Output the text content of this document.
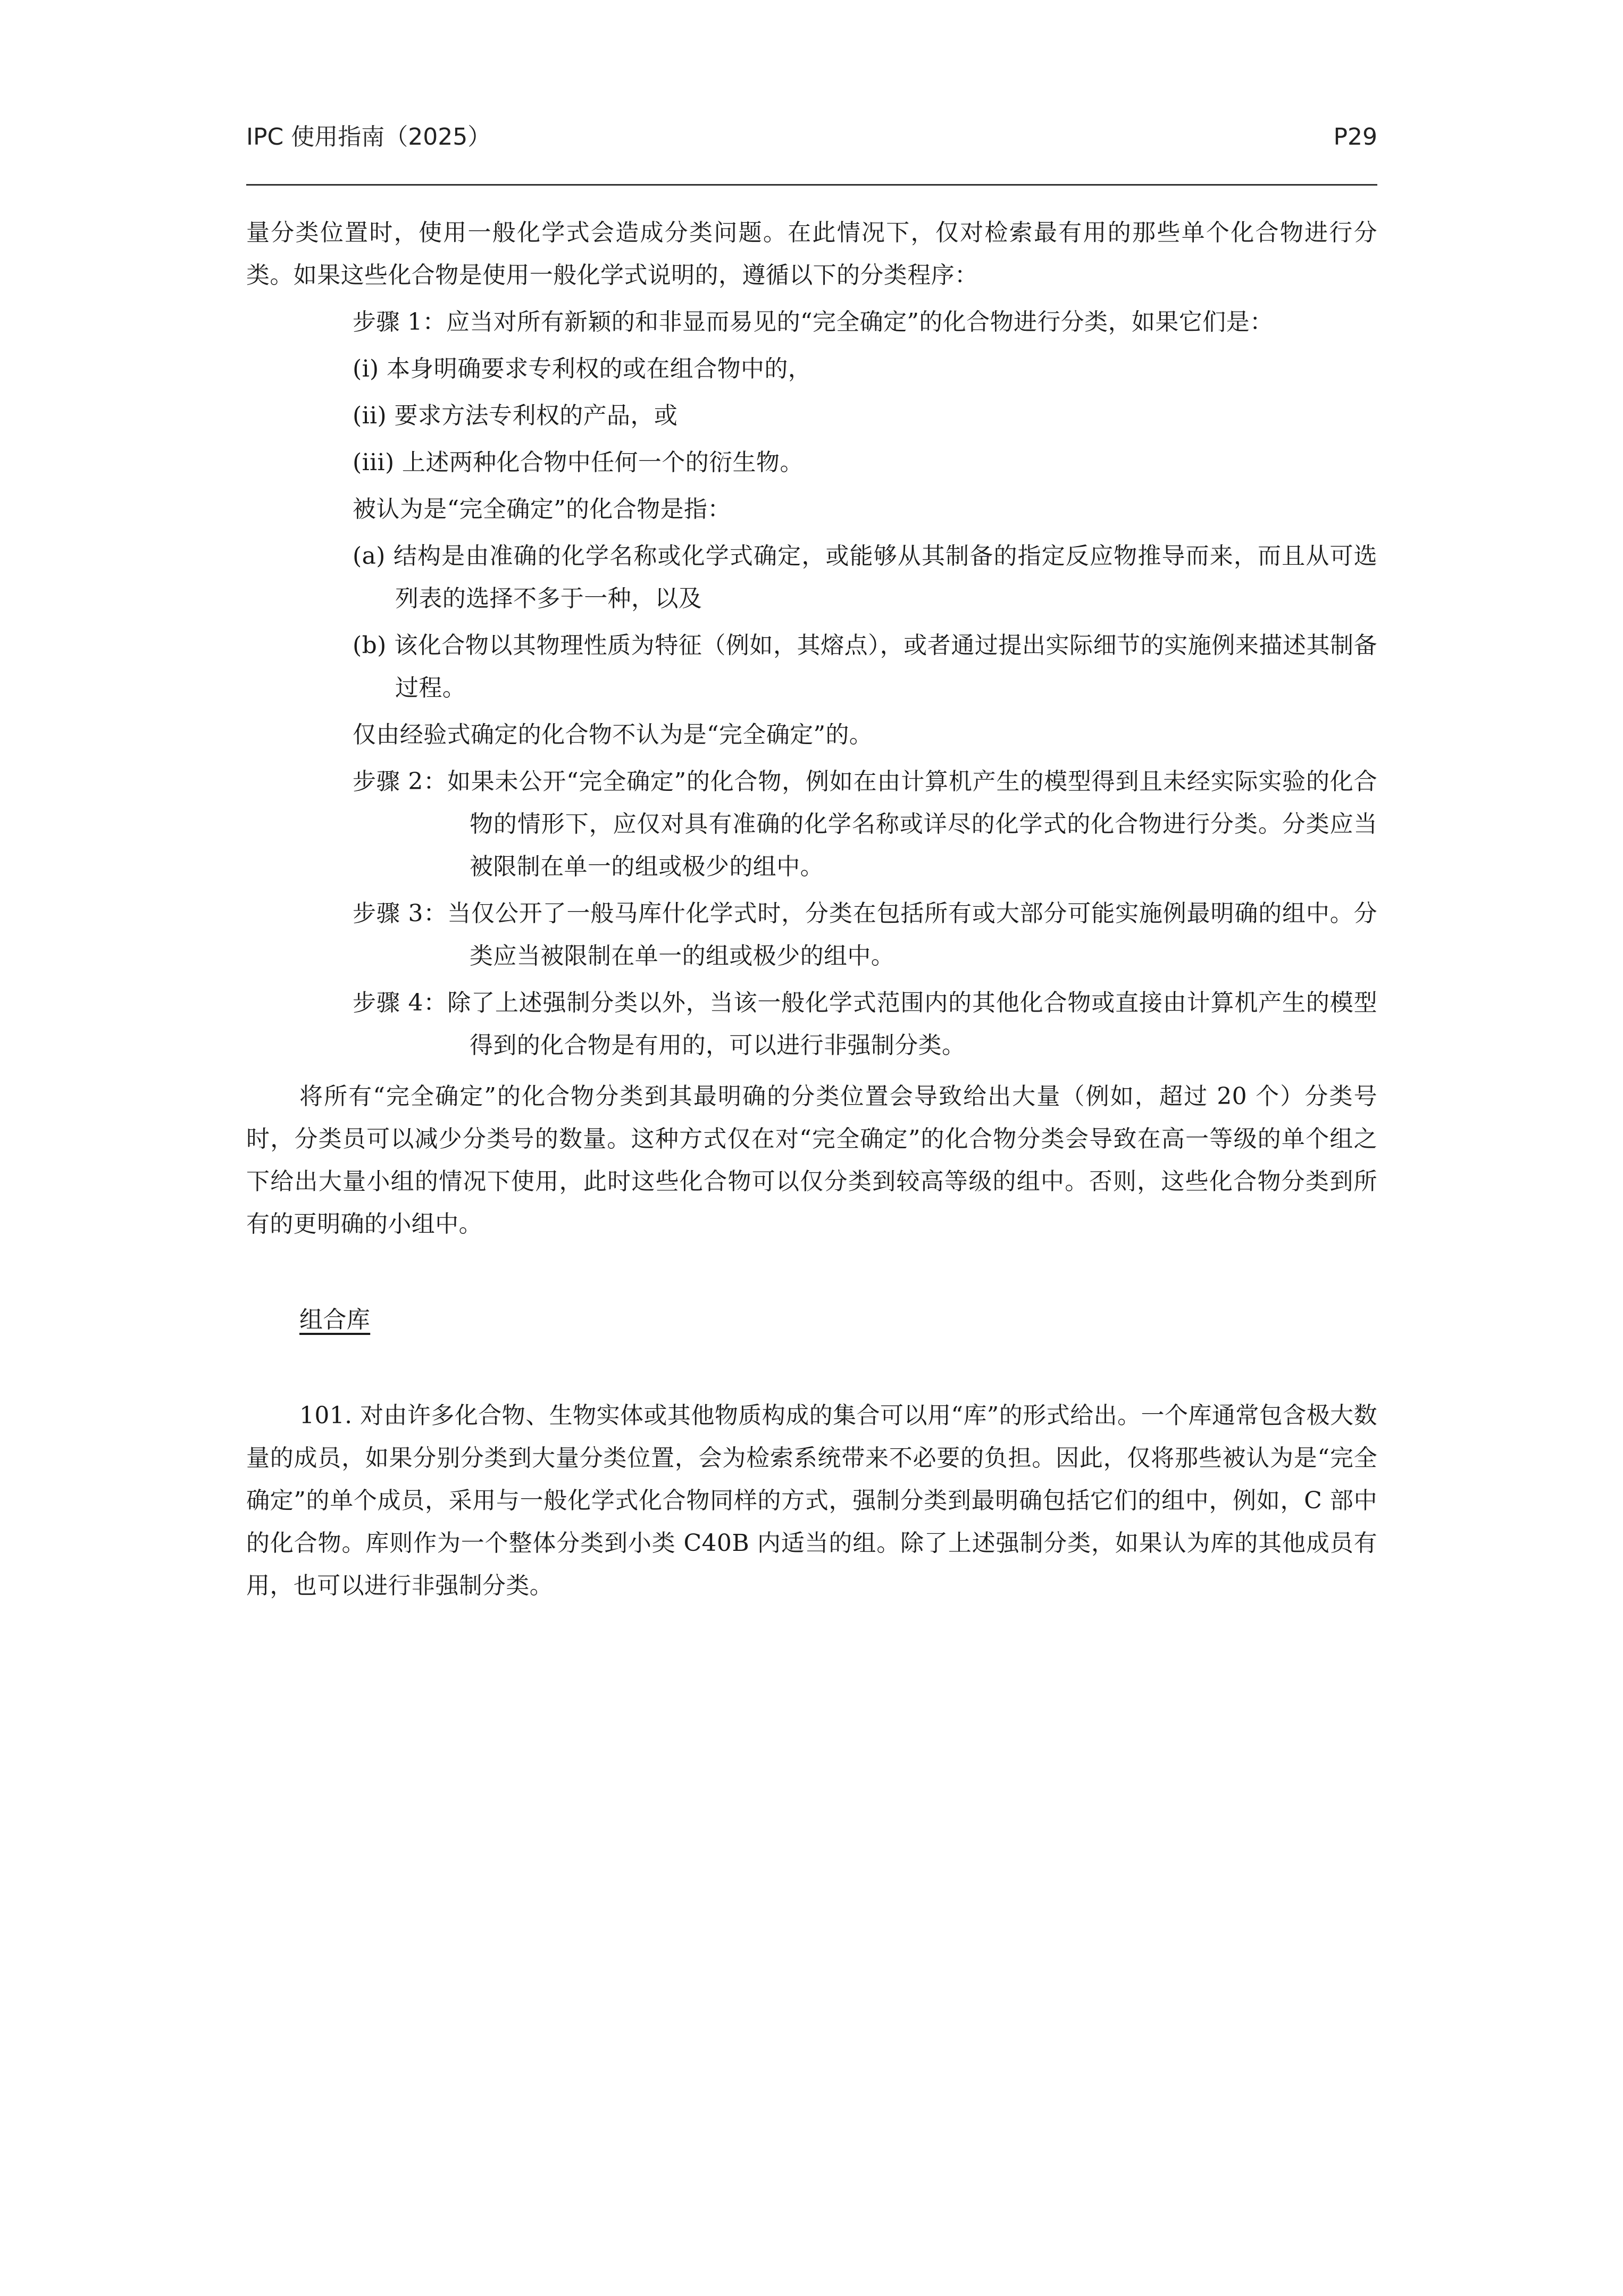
IPC 使用指南（2025）	P29

量分类位置时，使用一般化学式会造成分类问题。在此情况下，仅对检索最有用的那些单个化合物进行分类。如果这些化合物是使用一般化学式说明的，遵循以下的分类程序：

步骤 1：应当对所有新颖的和非显而易见的“完全确定”的化合物进行分类，如果它们是：

(i) 本身明确要求专利权的或在组合物中的，

(ii) 要求方法专利权的产品，或

(iii) 上述两种化合物中任何一个的衍生物。

被认为是“完全确定”的化合物是指：

(a) 结构是由准确的化学名称或化学式确定，或能够从其制备的指定反应物推导而来，而且从可选列表的选择不多于一种，以及

(b) 该化合物以其物理性质为特征（例如，其熔点），或者通过提出实际细节的实施例来描述其制备过程。

仅由经验式确定的化合物不认为是“完全确定”的。

步骤 2：如果未公开“完全确定”的化合物，例如在由计算机产生的模型得到且未经实际实验的化合物的情形下，应仅对具有准确的化学名称或详尽的化学式的化合物进行分类。分类应当被限制在单一的组或极少的组中。

步骤 3：当仅公开了一般马库什化学式时，分类在包括所有或大部分可能实施例最明确的组中。分类应当被限制在单一的组或极少的组中。

步骤 4：除了上述强制分类以外，当该一般化学式范围内的其他化合物或直接由计算机产生的模型得到的化合物是有用的，可以进行非强制分类。

将所有“完全确定”的化合物分类到其最明确的分类位置会导致给出大量（例如，超过 20 个）分类号时，分类员可以减少分类号的数量。这种方式仅在对“完全确定”的化合物分类会导致在高一等级的单个组之下给出大量小组的情况下使用，此时这些化合物可以仅分类到较高等级的组中。否则，这些化合物分类到所有的更明确的小组中。

组合库

101. 对由许多化合物、生物实体或其他物质构成的集合可以用“库”的形式给出。一个库通常包含极大数量的成员，如果分别分类到大量分类位置，会为检索系统带来不必要的负担。因此，仅将那些被认为是“完全确定”的单个成员，采用与一般化学式化合物同样的方式，强制分类到最明确包括它们的组中，例如，C 部中的化合物。库则作为一个整体分类到小类 C40B 内适当的组。除了上述强制分类，如果认为库的其他成员有用，也可以进行非强制分类。
